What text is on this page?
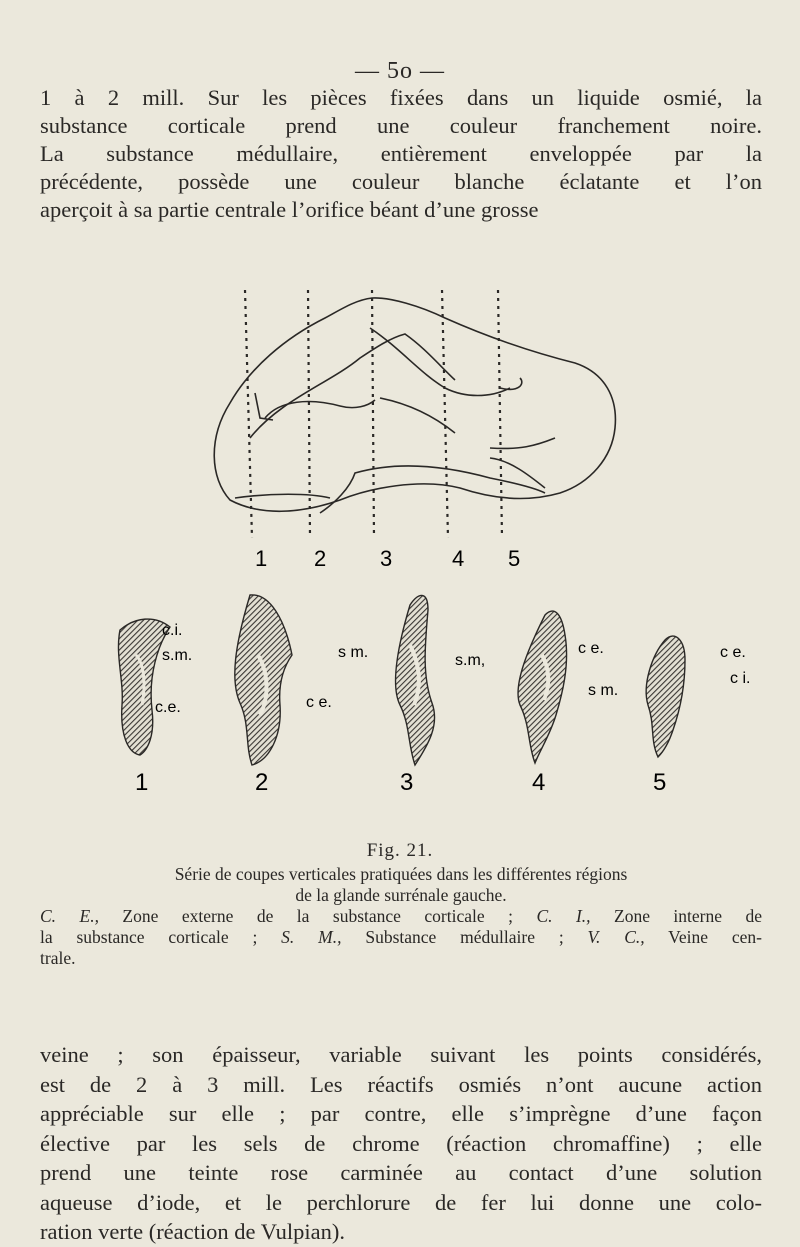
— 5o —
1 à 2 mill. Sur les pièces fixées dans un liquide osmié, la
substance corticale prend une couleur franchement noire.
La substance médullaire, entièrement enveloppée par la
précédente, possède une couleur blanche éclatante et l’on
aperçoit à sa partie centrale l’orifice béant d’une grosse
1 2 3	4 5
c.i.
s.m.
c.e.
s m.
c e.
s.m,
c e.
s m.
c e.
c i.
1	2	3	4	5
Fig. 21.
Série de coupes verticales pratiquées dans les différentes régions
de la glande surrénale gauche.
C. E., Zone externe de la substance corticale ; C. I., Zone interne de
la substance corticale ; S. M., Substance médullaire ; V. C., Veine cen-
trale.
veine ; son épaisseur, variable suivant les points considérés,
est de 2 à 3 mill. Les réactifs osmiés n’ont aucune action
appréciable sur elle ; par contre, elle s’imprègne d’une façon
élective par les sels de chrome (réaction chromaffine) ; elle
prend une teinte rose carminée au contact d’une solution
aqueuse d’iode, et le perchlorure de fer lui donne une colo-
ration verte (réaction de Vulpian).
